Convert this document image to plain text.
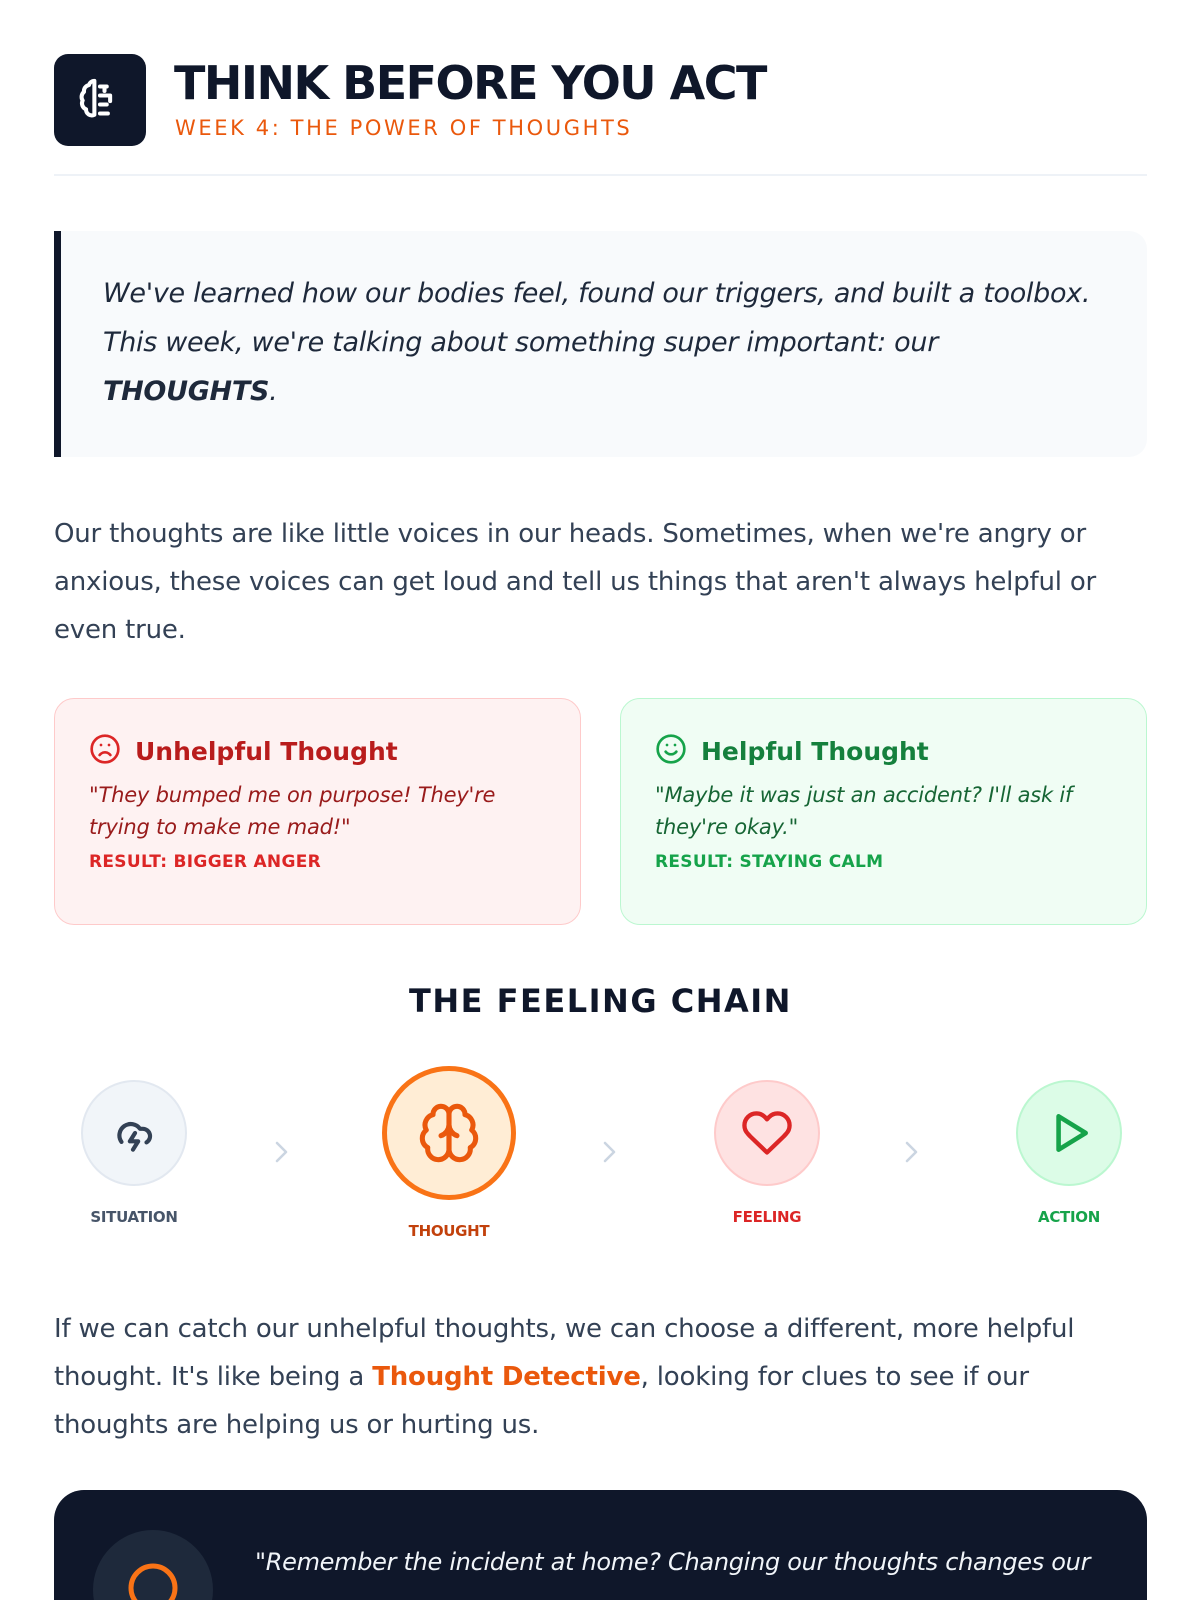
THINK BEFORE YOU ACT
WEEK 4: THE POWER OF THOUGHTS

We've learned how our bodies feel, found our triggers, and built a toolbox. This week, we're talking about something super important: our THOUGHTS.

Our thoughts are like little voices in our heads. Sometimes, when we're angry or anxious, these voices can get loud and tell us things that aren't always helpful or even true.

Unhelpful Thought
"They bumped me on purpose! They're trying to make me mad!"
RESULT: BIGGER ANGER
Helpful Thought
"Maybe it was just an accident? I'll ask if they're okay."
RESULT: STAYING CALM
THE FEELING CHAIN
SITUATION
THOUGHT
FEELING	ACTION

If we can catch our unhelpful thoughts, we can choose a different, more helpful thought. It's like being a Thought Detective, looking for clues to see if our thoughts are helping us or hurting us.

"Remember the incident at home? Changing our thoughts changes our
